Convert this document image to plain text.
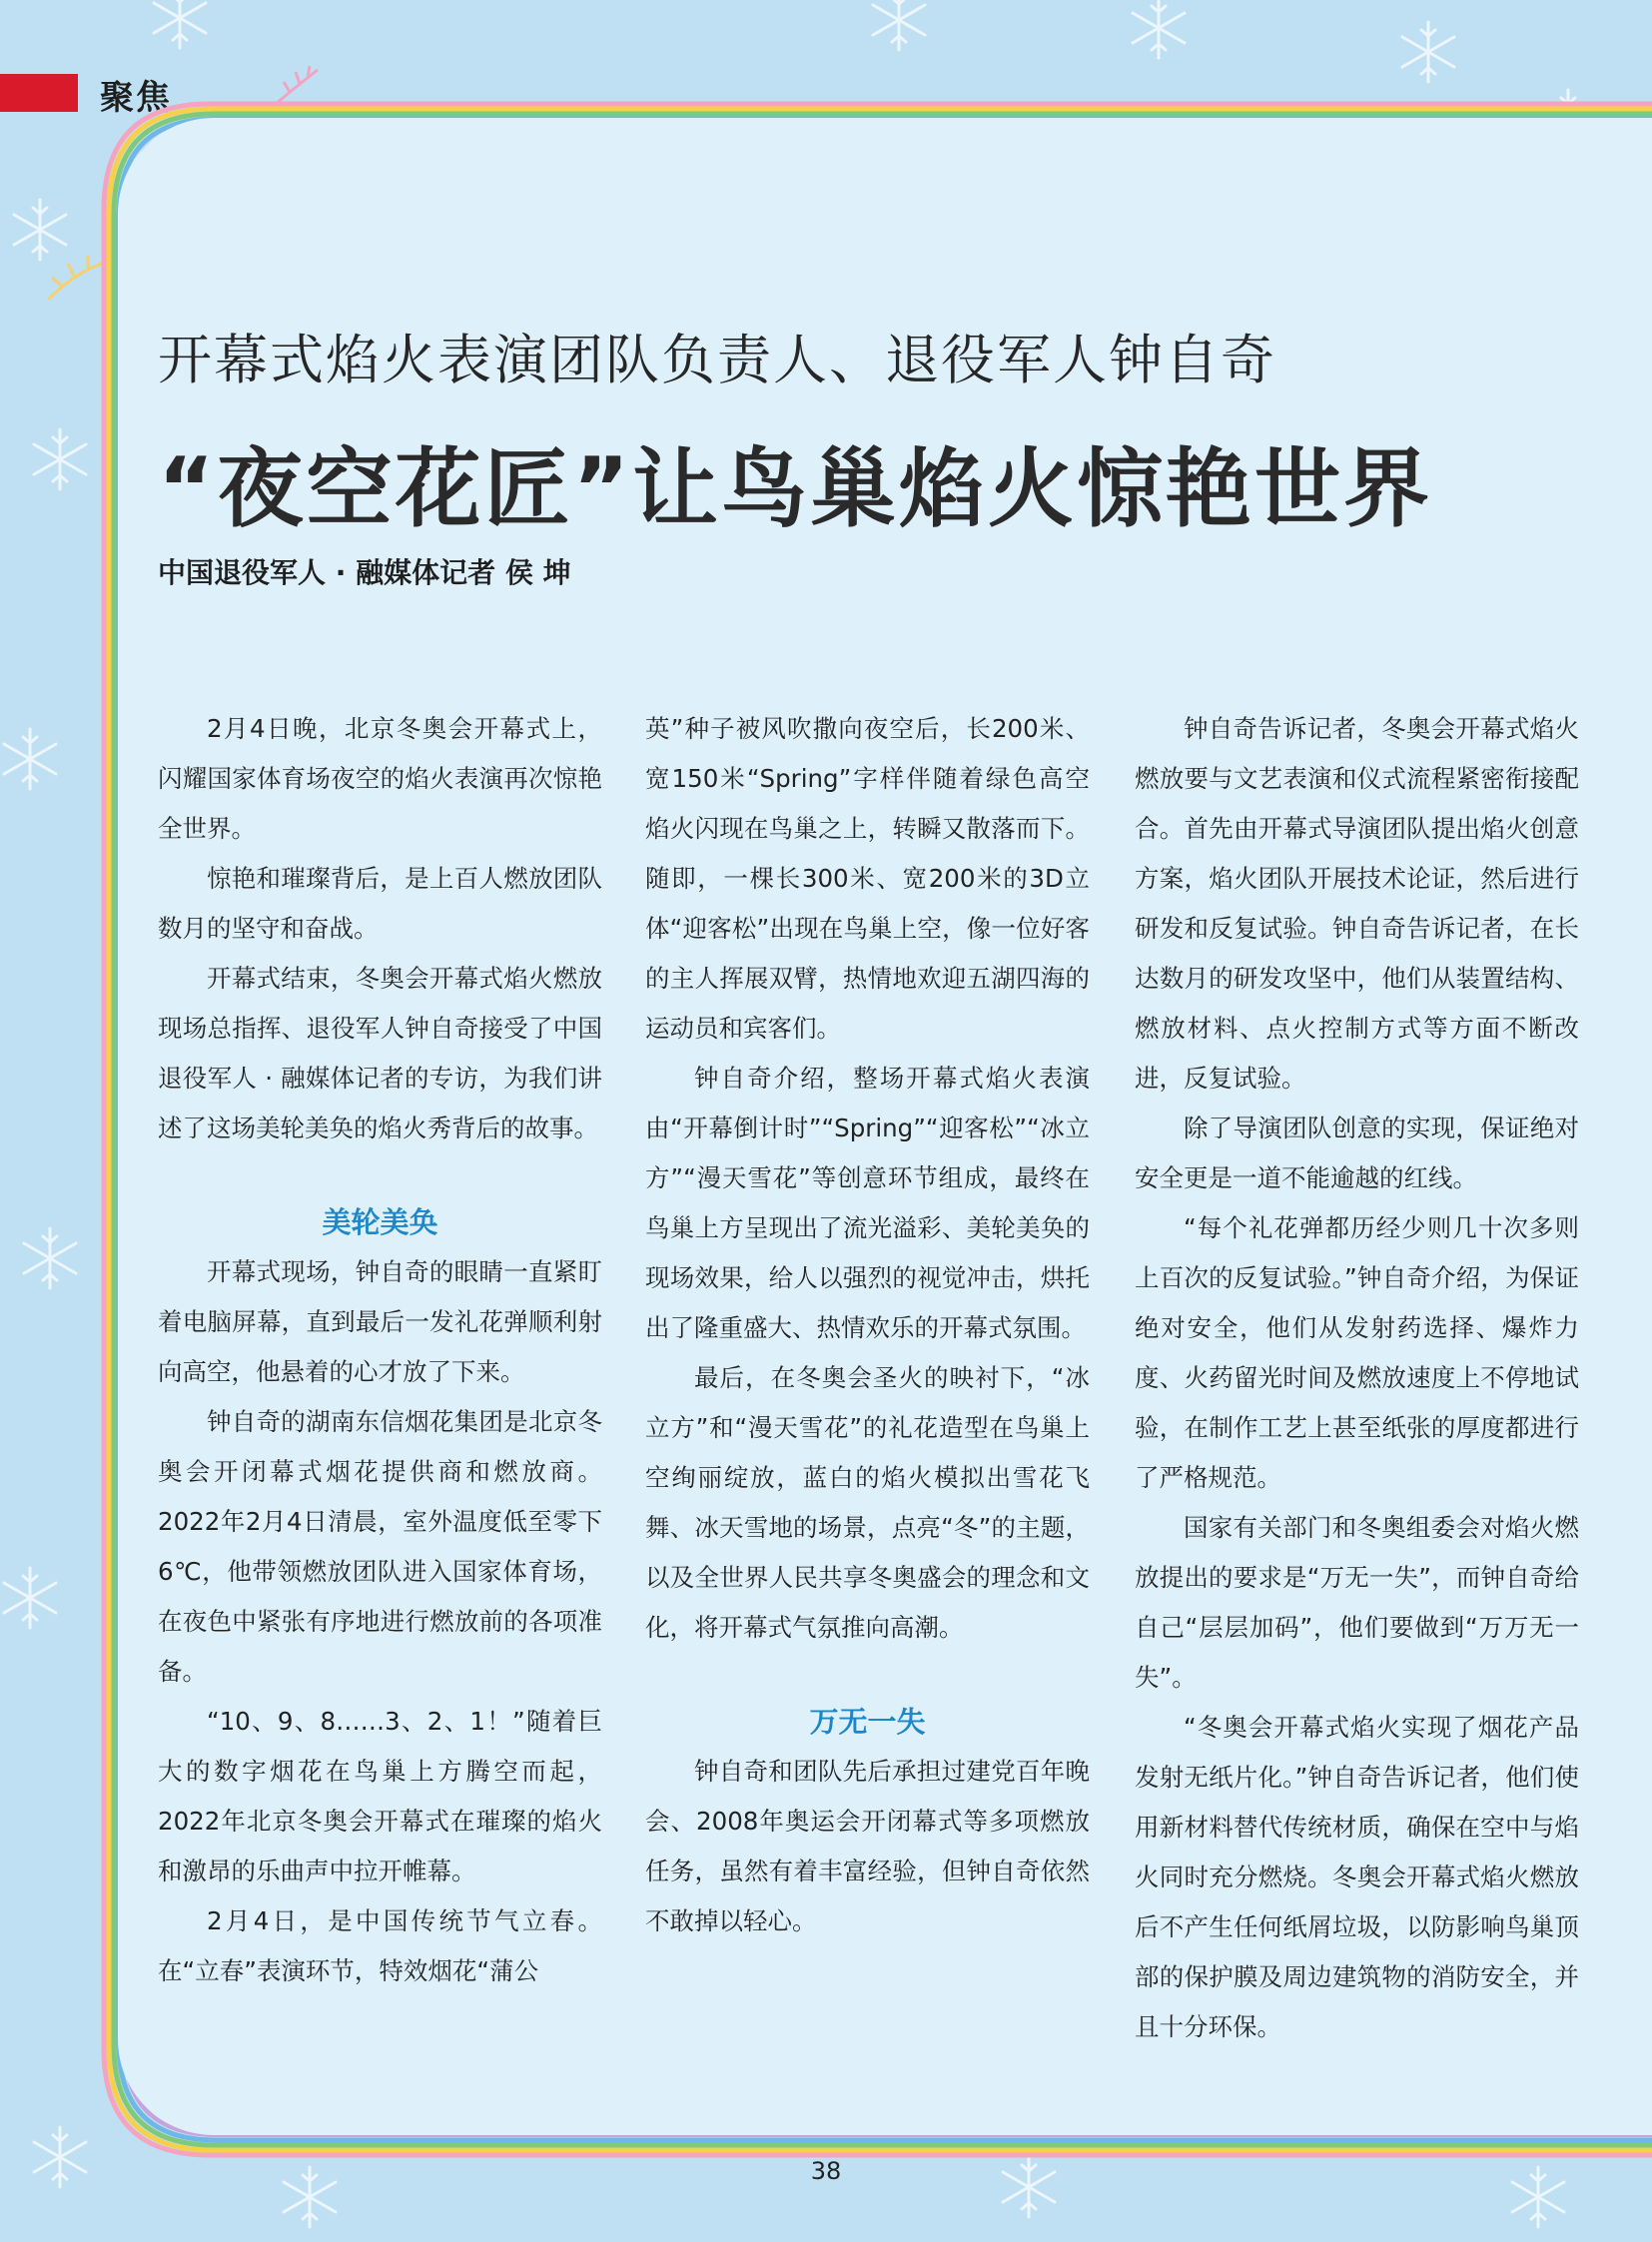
聚焦
开幕式焰火表演团队负责人、退役军人钟自奇
“夜空花匠”让鸟巢焰火惊艳世界
中国退役军人 · 融媒体记者 侯 坤

2月4日晚，北京冬奥会开幕式上，闪耀国家体育场夜空的焰火表演再次惊艳全世界。

惊艳和璀璨背后，是上百人燃放团队数月的坚守和奋战。

开幕式结束，冬奥会开幕式焰火燃放现场总指挥、退役军人钟自奇接受了中国退役军人 · 融媒体记者的专访，为我们讲述了这场美轮美奂的焰火秀背后的故事。

美轮美奂

开幕式现场，钟自奇的眼睛一直紧盯着电脑屏幕，直到最后一发礼花弹顺利射向高空，他悬着的心才放了下来。

钟自奇的湖南东信烟花集团是北京冬奥会开闭幕式烟花提供商和燃放商。2022年2月4日清晨，室外温度低至零下6℃，他带领燃放团队进入国家体育场，在夜色中紧张有序地进行燃放前的各项准备。

“10、9、8……3、2、1！”随着巨大的数字烟花在鸟巢上方腾空而起，2022年北京冬奥会开幕式在璀璨的焰火和激昂的乐曲声中拉开帷幕。

2月4日，是中国传统节气立春。在“立春”表演环节，特效烟花“蒲公

英”种子被风吹撒向夜空后，长200米、宽150米“Spring”字样伴随着绿色高空焰火闪现在鸟巢之上，转瞬又散落而下。随即，一棵长300米、宽200米的3D立体“迎客松”出现在鸟巢上空，像一位好客的主人挥展双臂，热情地欢迎五湖四海的运动员和宾客们。

钟自奇介绍，整场开幕式焰火表演由“开幕倒计时”“Spring”“迎客松”“冰立方”“漫天雪花”等创意环节组成，最终在鸟巢上方呈现出了流光溢彩、美轮美奂的现场效果，给人以强烈的视觉冲击，烘托出了隆重盛大、热情欢乐的开幕式氛围。

最后，在冬奥会圣火的映衬下，“冰立方”和“漫天雪花”的礼花造型在鸟巢上空绚丽绽放，蓝白的焰火模拟出雪花飞舞、冰天雪地的场景，点亮“冬”的主题，以及全世界人民共享冬奥盛会的理念和文化，将开幕式气氛推向高潮。

万无一失

钟自奇和团队先后承担过建党百年晚会、2008年奥运会开闭幕式等多项燃放任务，虽然有着丰富经验，但钟自奇依然不敢掉以轻心。

钟自奇告诉记者，冬奥会开幕式焰火燃放要与文艺表演和仪式流程紧密衔接配合。首先由开幕式导演团队提出焰火创意方案，焰火团队开展技术论证，然后进行研发和反复试验。钟自奇告诉记者，在长达数月的研发攻坚中，他们从装置结构、燃放材料、点火控制方式等方面不断改进，反复试验。

除了导演团队创意的实现，保证绝对安全更是一道不能逾越的红线。

“每个礼花弹都历经少则几十次多则上百次的反复试验。”钟自奇介绍，为保证绝对安全，他们从发射药选择、爆炸力度、火药留光时间及燃放速度上不停地试验，在制作工艺上甚至纸张的厚度都进行了严格规范。

国家有关部门和冬奥组委会对焰火燃放提出的要求是“万无一失”，而钟自奇给自己“层层加码”，他们要做到“万万无一失”。

“冬奥会开幕式焰火实现了烟花产品发射无纸片化。”钟自奇告诉记者，他们使用新材料替代传统材质，确保在空中与焰火同时充分燃烧。冬奥会开幕式焰火燃放后不产生任何纸屑垃圾，以防影响鸟巢顶部的保护膜及周边建筑物的消防安全，并且十分环保。

38
